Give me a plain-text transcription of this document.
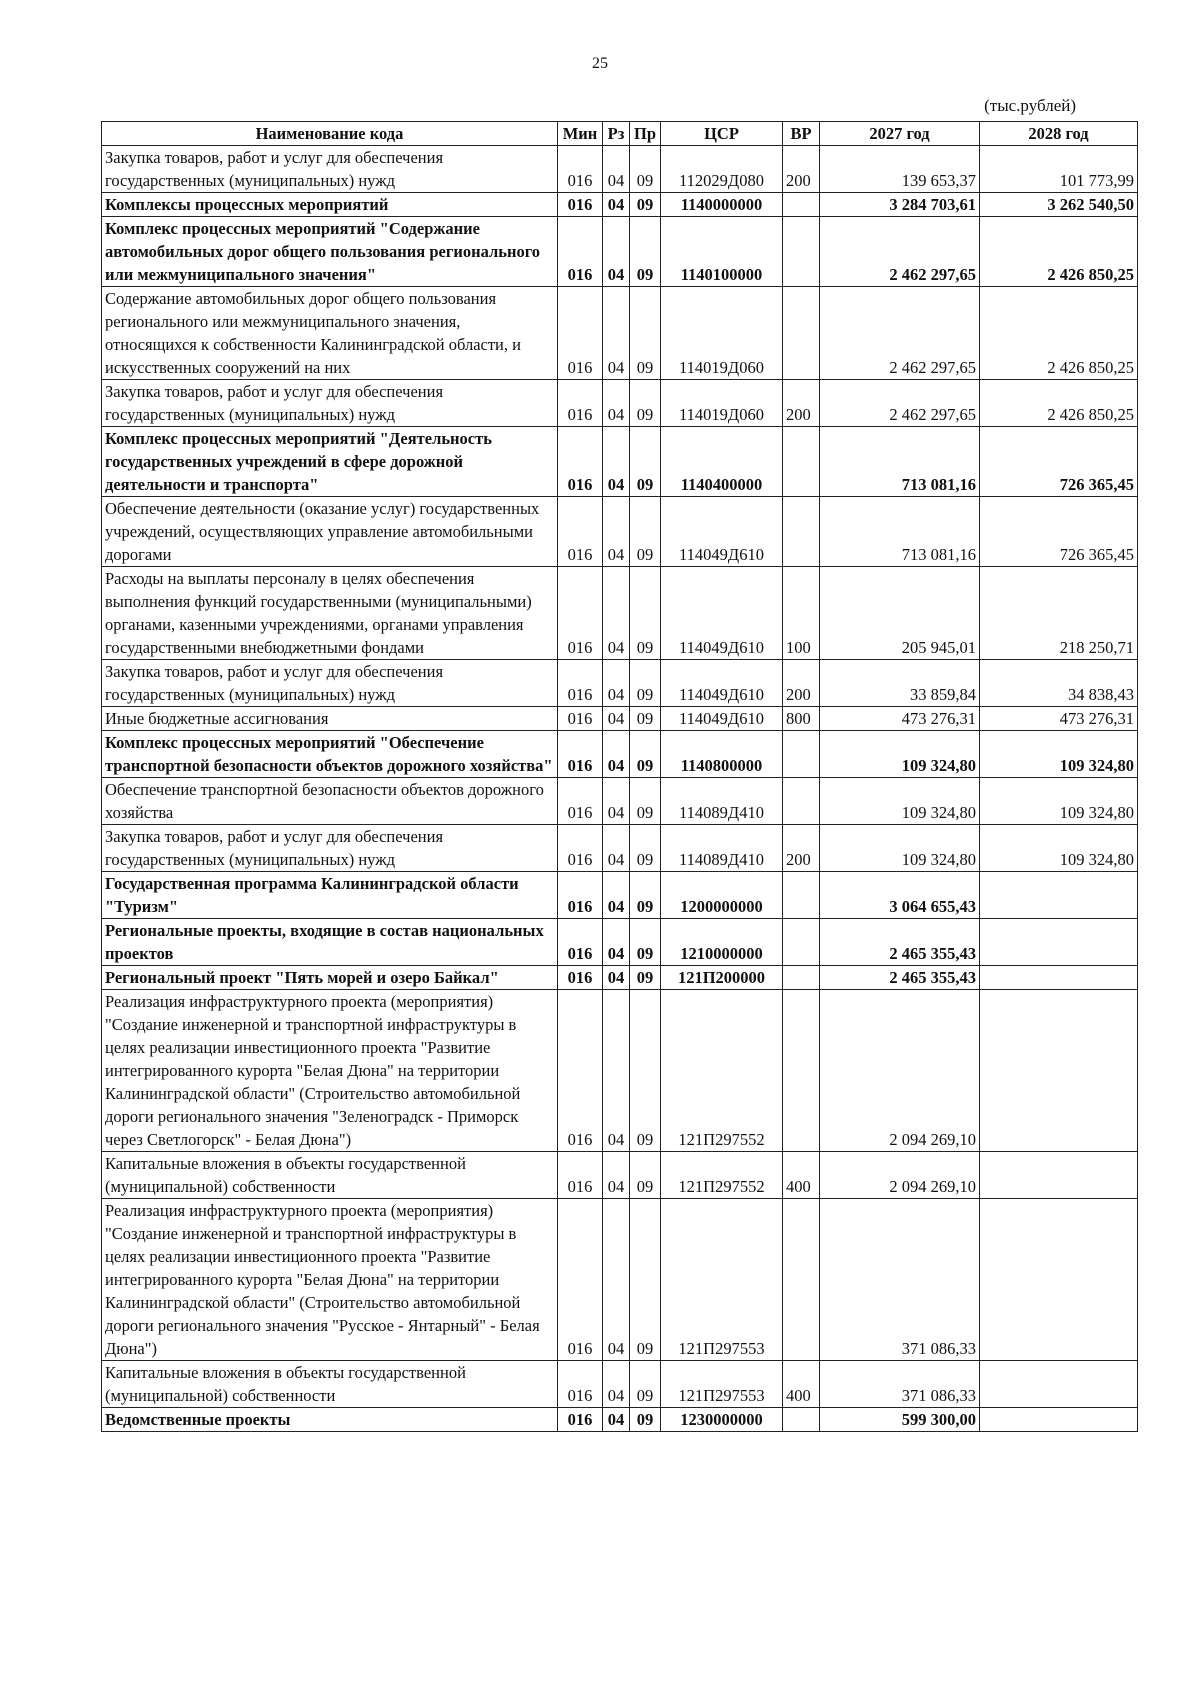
25
(тыс.рублей)
Наименование кода	Мин	Рз	Пр	ЦСР	ВР	2027 год	2028 год
Закупка товаров, работ и услуг для обеспечения государственных (муниципальных) нужд	016	04	09	112029Д080	200	139 653,37	101 773,99
Комплексы процессных мероприятий	016	04	09	1140000000		3 284 703,61	3 262 540,50
Комплекс процессных мероприятий "Содержание автомобильных дорог общего пользования регионального или межмуниципального значения"	016	04	09	1140100000		2 462 297,65	2 426 850,25
Содержание автомобильных дорог общего пользования регионального или межмуниципального значения, относящихся к собственности Калининградской области, и искусственных сооружений на них	016	04	09	114019Д060		2 462 297,65	2 426 850,25
Закупка товаров, работ и услуг для обеспечения государственных (муниципальных) нужд	016	04	09	114019Д060	200	2 462 297,65	2 426 850,25
Комплекс процессных мероприятий "Деятельность государственных учреждений в сфере дорожной деятельности и транспорта"	016	04	09	1140400000		713 081,16	726 365,45
Обеспечение деятельности (оказание услуг) государственных учреждений, осуществляющих управление автомобильными дорогами	016	04	09	114049Д610		713 081,16	726 365,45
Расходы на выплаты персоналу в целях обеспечения выполнения функций государственными (муниципальными) органами, казенными учреждениями, органами управления государственными внебюджетными фондами	016	04	09	114049Д610	100	205 945,01	218 250,71
Закупка товаров, работ и услуг для обеспечения государственных (муниципальных) нужд	016	04	09	114049Д610	200	33 859,84	34 838,43
Иные бюджетные ассигнования	016	04	09	114049Д610	800	473 276,31	473 276,31
Комплекс процессных мероприятий "Обеспечение транспортной безопасности объектов дорожного хозяйства"	016	04	09	1140800000		109 324,80	109 324,80
Обеспечение транспортной безопасности объектов дорожного хозяйства	016	04	09	114089Д410		109 324,80	109 324,80
Закупка товаров, работ и услуг для обеспечения государственных (муниципальных) нужд	016	04	09	114089Д410	200	109 324,80	109 324,80
Государственная программа Калининградской области "Туризм"	016	04	09	1200000000		3 064 655,43	
Региональные проекты, входящие в состав национальных проектов	016	04	09	1210000000		2 465 355,43	
Региональный проект "Пять морей и озеро Байкал"	016	04	09	121П200000		2 465 355,43	
Реализация инфраструктурного проекта (мероприятия) "Создание инженерной и транспортной инфраструктуры в целях реализации инвестиционного проекта "Развитие интегрированного курорта "Белая Дюна" на территории Калининградской области" (Строительство автомобильной дороги регионального значения "Зеленоградск - Приморск через Светлогорск" - Белая Дюна")	016	04	09	121П297552		2 094 269,10	
Капитальные вложения в объекты государственной (муниципальной) собственности	016	04	09	121П297552	400	2 094 269,10	
Реализация инфраструктурного проекта (мероприятия) "Создание инженерной и транспортной инфраструктуры в целях реализации инвестиционного проекта "Развитие интегрированного курорта "Белая Дюна" на территории Калининградской области" (Строительство автомобильной дороги регионального значения "Русское - Янтарный" - Белая Дюна")	016	04	09	121П297553		371 086,33	
Капитальные вложения в объекты государственной (муниципальной) собственности	016	04	09	121П297553	400	371 086,33	
Ведомственные проекты	016	04	09	1230000000		599 300,00	
